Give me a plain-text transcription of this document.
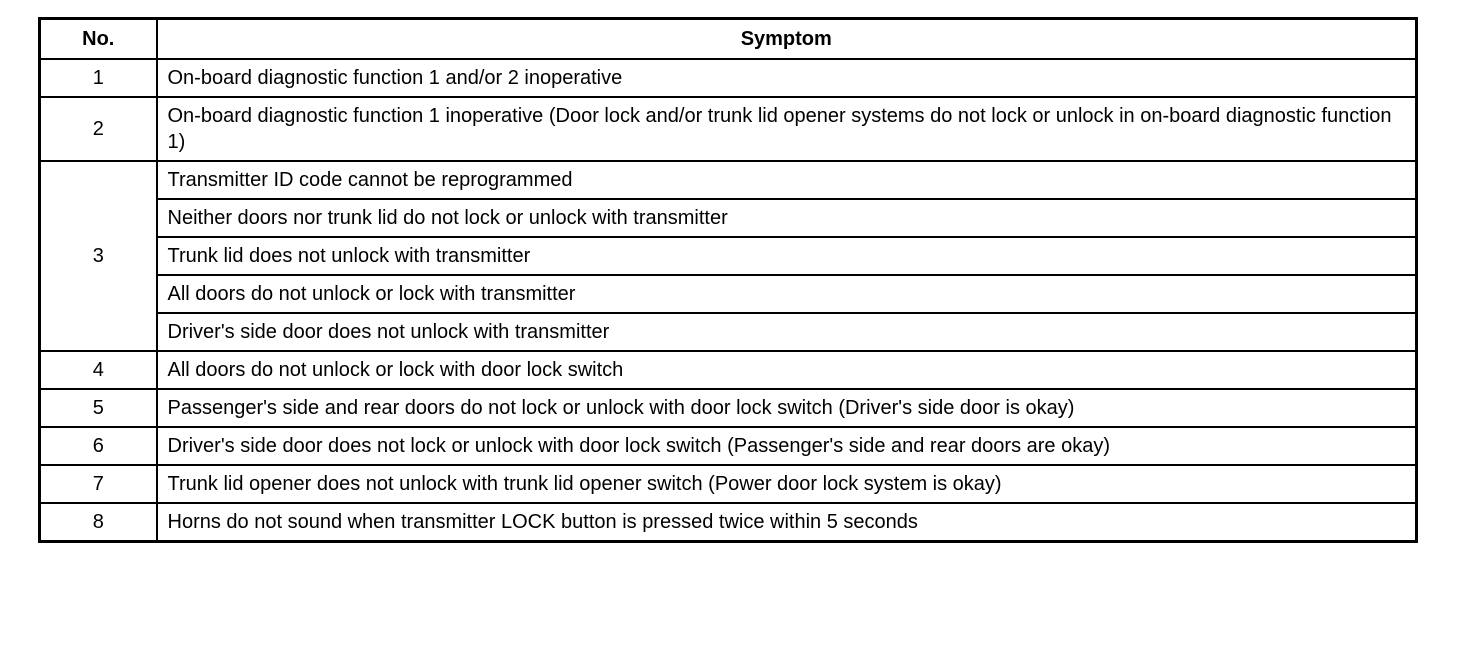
No.	Symptom
1	On-board diagnostic function 1 and/or 2 inoperative
2	On-board diagnostic function 1 inoperative (Door lock and/or trunk lid opener systems do not lock or unlock in on-board diagnostic function 1)
3	Transmitter ID code cannot be reprogrammed
	Neither doors nor trunk lid do not lock or unlock with transmitter
	Trunk lid does not unlock with transmitter
	All doors do not unlock or lock with transmitter
	Driver's side door does not unlock with transmitter
4	All doors do not unlock or lock with door lock switch
5	Passenger's side and rear doors do not lock or unlock with door lock switch (Driver's side door is okay)
6	Driver's side door does not lock or unlock with door lock switch (Passenger's side and rear doors are okay)
7	Trunk lid opener does not unlock with trunk lid opener switch (Power door lock system is okay)
8	Horns do not sound when transmitter LOCK button is pressed twice within 5 seconds
